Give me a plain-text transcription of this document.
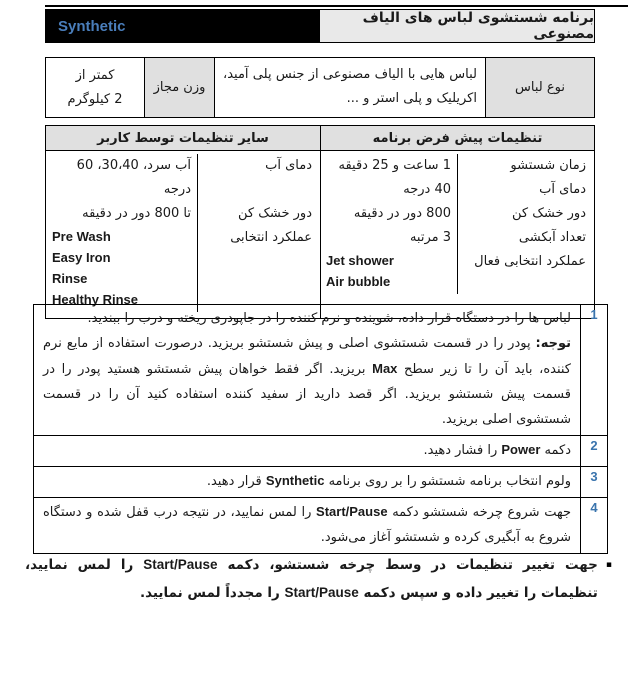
Synthetic	برنامه شستشوی لباس های الیاف مصنوعی
نوع لباس
لباس هایی با الیاف مصنوعی از جنس پلی آمید، اکریلیک و پلی استر و ...
وزن مجاز
کمتر از
2 کیلوگرم
تنظیمات پیش فرض برنامه
سایر تنظیمات توسط کاربر
زمان شستشو
1 ساعت و 25 دقیقه
دمای آب
40 درجه
دور خشک کن
800 دور در دقیقه
تعداد آبکشی
3 مرتبه
عملکرد انتخابی فعال
Jet shower
Air bubble
دمای آب
آب سرد، 30،40، 60 درجه
دور خشک کن
تا 800 دور در دقیقه
عملکرد انتخابی
Pre Wash
Easy Iron
Rinse
Healthy Rinse
1

لباس ها را در دستگاه قرار داده، شوینده و نرم کننده را در جاپودری ریخته و درب را ببندید.

توجه: پودر را در قسمت شستشوی اصلی و پیش شستشو بریزید. درصورت استفاده از مایع نرم کننده، باید آن را تا زیر سطح Max بریزید. اگر فقط خواهان پیش شستشو هستید پودر را در قسمت پیش شستشو بریزید. اگر قصد دارید از سفید کننده استفاده کنید آن را در قسمت شستشوی اصلی بریزید.

2

دکمه Power را فشار دهید.

3

ولوم انتخاب برنامه شستشو را بر روی برنامه Synthetic قرار دهید.

4

جهت شروع چرخه شستشو دکمه Start/Pause را لمس نمایید، در نتیجه درب قفل شده و دستگاه شروع به آبگیری کرده و شستشو آغاز می‌شود.

▪
جهت تغییر تنظیمات در وسط چرخه شستشو، دکمه Start/Pause را لمس نمایید، تنظیمات را تغییر داده و سپس دکمه Start/Pause را مجدداً لمس نمایید.
